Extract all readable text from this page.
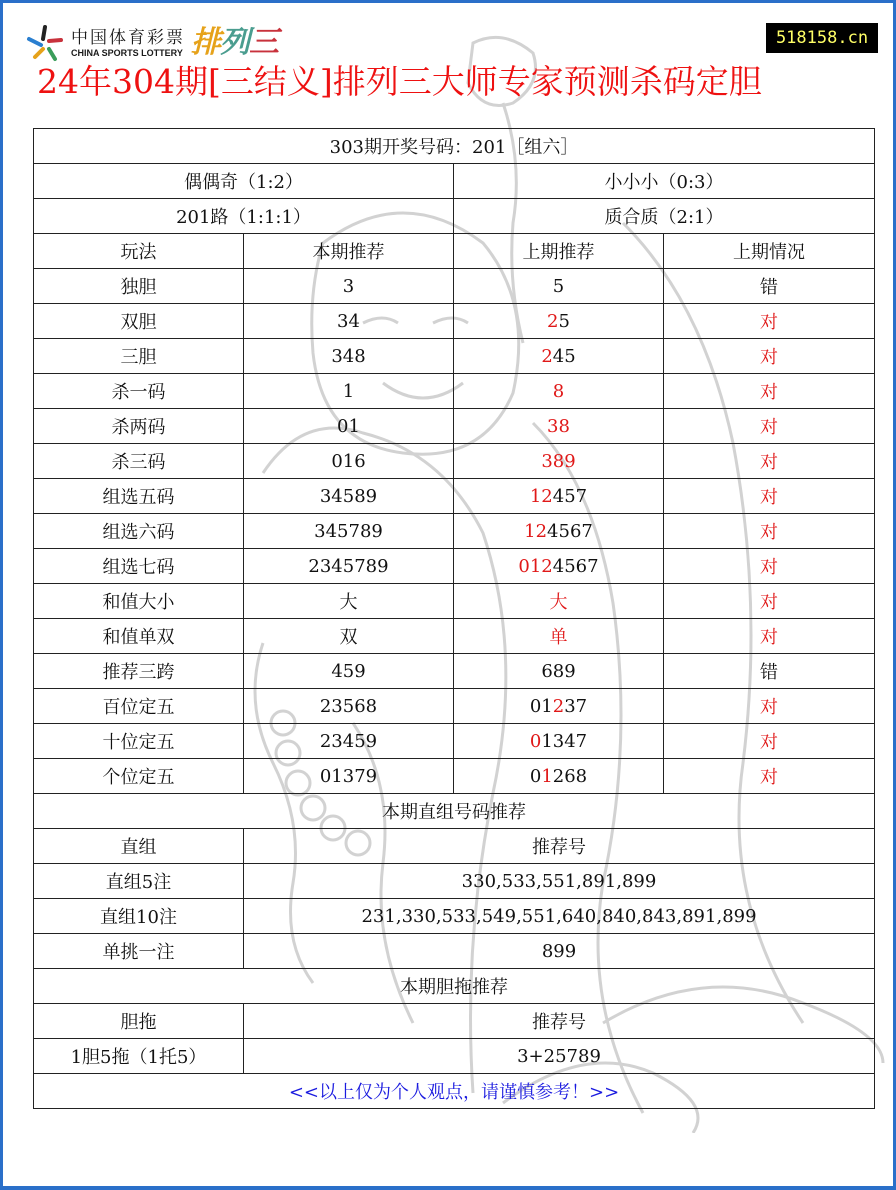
中国体育彩票
CHINA SPORTS LOTTERY 排列三	518158.cn
24年304期[三结义]排列三大师专家预测杀码定胆
303期开奖号码：201［组六］			
偶偶奇（1:2）		小小小（0:3）	
201路（1:1:1）		质合质（2:1）	
玩法	本期推荐	上期推荐	上期情况
独胆	3	5	错
双胆	34	25	对
三胆	348	245	对
杀一码	1	8	对
杀两码	01	38	对
杀三码	016	389	对
组选五码	34589	12457	对
组选六码	345789	124567	对
组选七码	2345789	0124567	对
和值大小	大	大	对
和值单双	双	单	对
推荐三跨	459	689	错
百位定五	23568	01237	对
十位定五	23459	01347	对
个位定五	01379	01268	对
本期直组号码推荐			
直组	推荐号		
直组5注	330,533,551,891,899		
直组10注	231,330,533,549,551,640,840,843,891,899		
单挑一注	899		
本期胆拖推荐			
胆拖	推荐号		
1胆5拖（1托5）	3+25789		
<<以上仅为个人观点，请谨慎参考！>>			
